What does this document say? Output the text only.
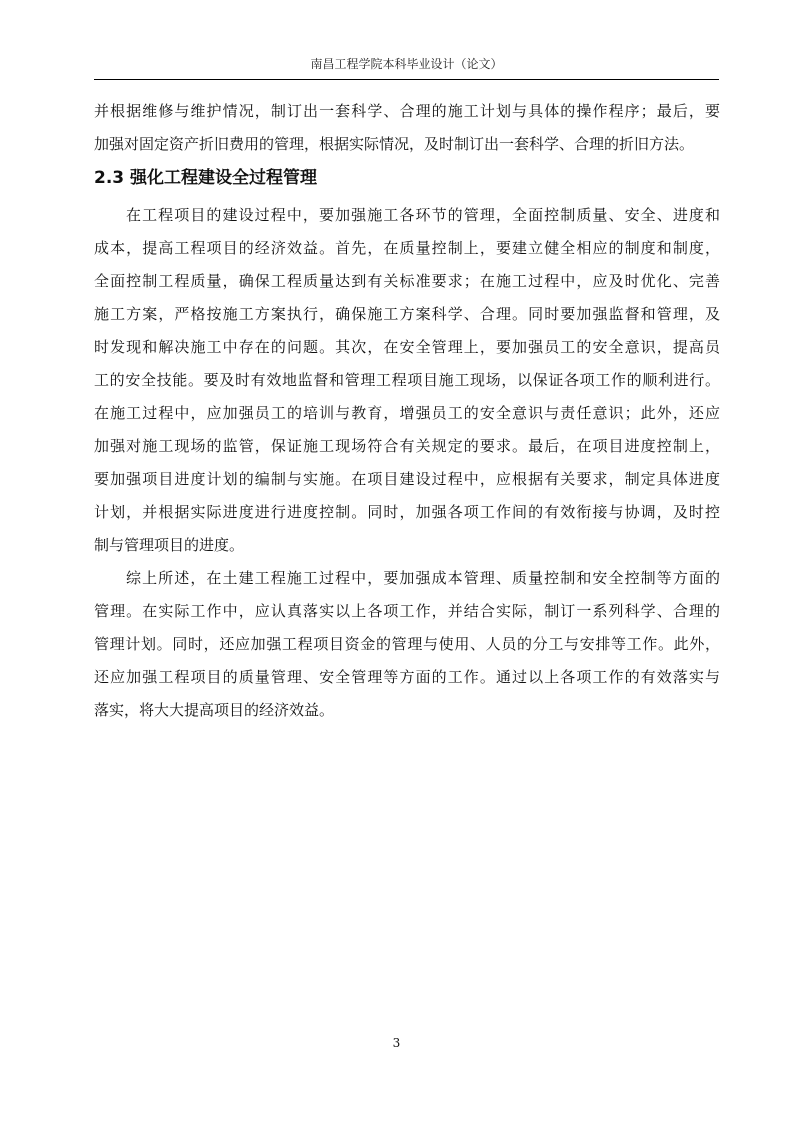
南昌工程学院本科毕业设计（论文）
并根据维修与维护情况，制订出一套科学、合理的施工计划与具体的操作程序；最后，要
加强对固定资产折旧费用的管理，根据实际情况，及时制订出一套科学、合理的折旧方法。
2.3 强化工程建设全过程管理
在工程项目的建设过程中，要加强施工各环节的管理，全面控制质量、安全、进度和
成本，提高工程项目的经济效益。首先，在质量控制上，要建立健全相应的制度和制度，
全面控制工程质量，确保工程质量达到有关标准要求；在施工过程中，应及时优化、完善
施工方案，严格按施工方案执行，确保施工方案科学、合理。同时要加强监督和管理，及
时发现和解决施工中存在的问题。其次，在安全管理上，要加强员工的安全意识，提高员
工的安全技能。要及时有效地监督和管理工程项目施工现场，以保证各项工作的顺利进行。
在施工过程中，应加强员工的培训与教育，增强员工的安全意识与责任意识；此外，还应
加强对施工现场的监管，保证施工现场符合有关规定的要求。最后，在项目进度控制上，
要加强项目进度计划的编制与实施。在项目建设过程中，应根据有关要求，制定具体进度
计划，并根据实际进度进行进度控制。同时，加强各项工作间的有效衔接与协调，及时控
制与管理项目的进度。
综上所述，在土建工程施工过程中，要加强成本管理、质量控制和安全控制等方面的
管理。在实际工作中，应认真落实以上各项工作，并结合实际，制订一系列科学、合理的
管理计划。同时，还应加强工程项目资金的管理与使用、人员的分工与安排等工作。此外，
还应加强工程项目的质量管理、安全管理等方面的工作。通过以上各项工作的有效落实与
落实，将大大提高项目的经济效益。
3
